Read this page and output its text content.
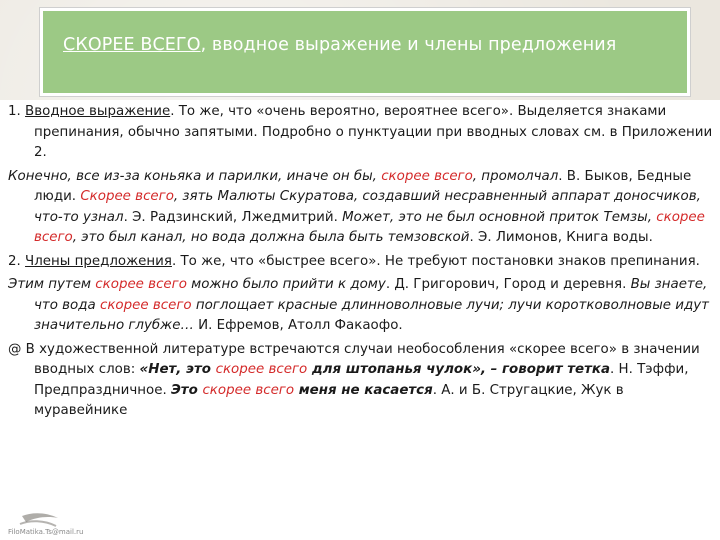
СКОРЕЕ ВСЕГО, вводное выражение и члены предложения

1. Вводное выражение. То же, что «очень вероятно, вероятнее всего». Выделяется знаками препинания, обычно запятыми. Подробно о пунктуации при вводных словах см. в Приложении 2.

Конечно, все из-за коньяка и парилки, иначе он бы, скорее всего, промолчал. В. Быков, Бедные люди. Скорее всего, зять Малюты Скуратова, создавший несравненный аппарат доносчиков, что-то узнал. Э. Радзинский, Лжедмитрий. Может, это не был основной приток Темзы, скорее всего, это был канал, но вода должна была быть темзовской. Э. Лимонов, Книга воды.

2. Члены предложения. То же, что «быстрее всего». Не требуют постановки знаков препинания.

Этим путем скорее всего можно было прийти к дому. Д. Григорович, Город и деревня. Вы знаете, что вода скорее всего поглощает красные длинноволновые лучи; лучи коротковолновые идут значительно глубже… И. Ефремов, Атолл Факаофо.

@ В художественной литературе встречаются случаи необособления «скорее всего» в значении вводных слов: «Нет, это скорее всего для штопанья чулок», – говорит тетка. Н. Тэффи, Предпраздничное. Это скорее всего меня не касается. А. и Б. Стругацкие, Жук в муравейнике

FiloMatika.Ts@mail.ru
